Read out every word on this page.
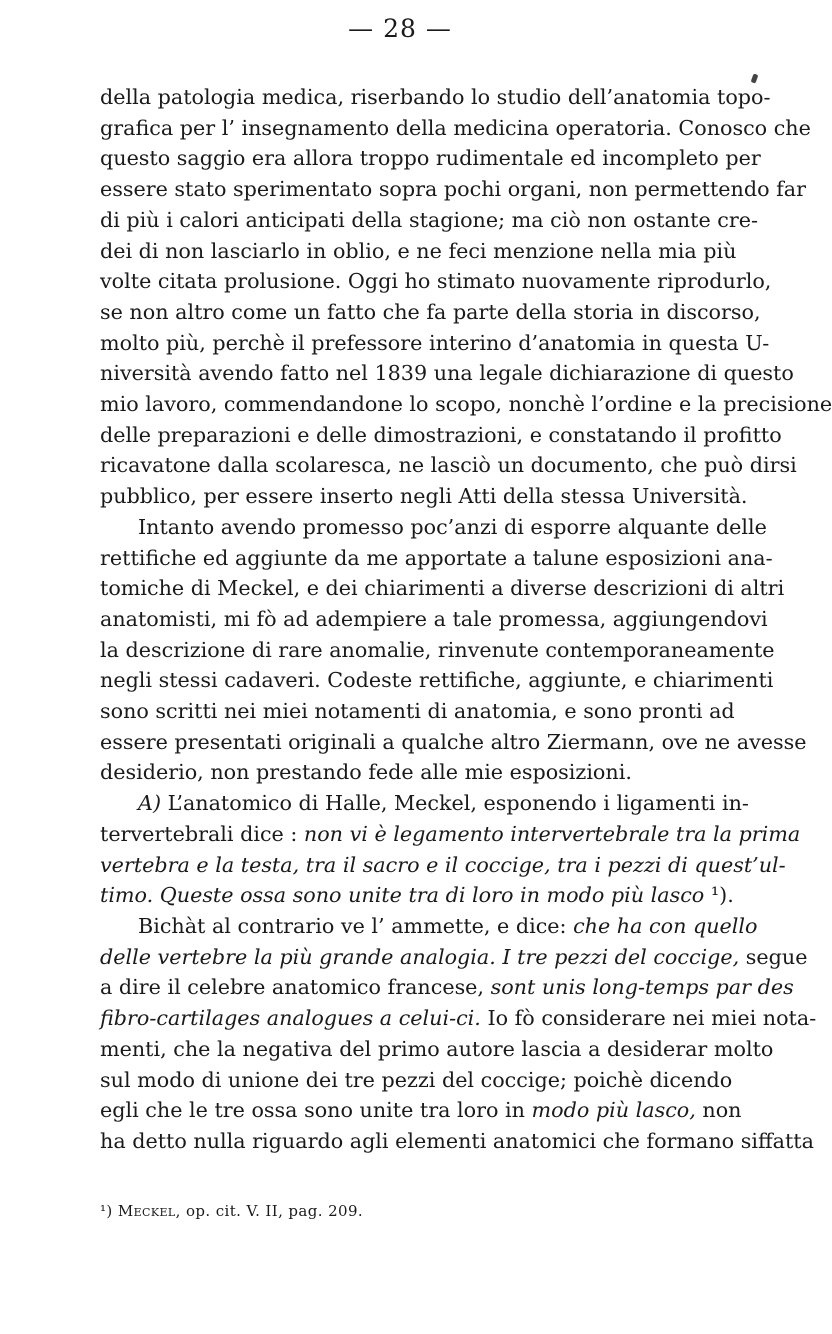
— 28 —
della patologia medica, riserbando lo studio dell’anatomia topo-
grafica per l’ insegnamento della medicina operatoria. Conosco che
questo saggio era allora troppo rudimentale ed incompleto per
essere stato sperimentato sopra pochi organi, non permettendo far
di più i calori anticipati della stagione; ma ciò non ostante cre-
dei di non lasciarlo in oblio, e ne feci menzione nella mia più
volte citata prolusione. Oggi ho stimato nuovamente riprodurlo,
se non altro come un fatto che fa parte della storia in discorso,
molto più, perchè il prefessore interino d’anatomia in questa U-
niversità avendo fatto nel 1839 una legale dichiarazione di questo
mio lavoro, commendandone lo scopo, nonchè l’ordine e la precisione
delle preparazioni e delle dimostrazioni, e constatando il profitto
ricavatone dalla scolaresca, ne lasciò un documento, che può dirsi
pubblico, per essere inserto negli Atti della stessa Università.
Intanto avendo promesso poc’anzi di esporre alquante delle
rettifiche ed aggiunte da me apportate a talune esposizioni ana-
tomiche di Meckel, e dei chiarimenti a diverse descrizioni di altri
anatomisti, mi fò ad adempiere a tale promessa, aggiungendovi
la descrizione di rare anomalie, rinvenute contemporaneamente
negli stessi cadaveri. Codeste rettifiche, aggiunte, e chiarimenti
sono scritti nei miei notamenti di anatomia, e sono pronti ad
essere presentati originali a qualche altro Ziermann, ove ne avesse
desiderio, non prestando fede alle mie esposizioni.
A) L’anatomico di Halle, Meckel, esponendo i ligamenti in-
tervertebrali dice : non vi è legamento intervertebrale tra la prima
vertebra e la testa, tra il sacro e il coccige, tra i pezzi di quest’ul-
timo. Queste ossa sono unite tra di loro in modo più lasco ¹).
Bichàt al contrario ve l’ ammette, e dice: che ha con quello
delle vertebre la più grande analogia. I tre pezzi del coccige, segue
a dire il celebre anatomico francese, sont unis long-temps par des
fibro-cartilages analogues a celui-ci. Io fò considerare nei miei nota-
menti, che la negativa del primo autore lascia a desiderar molto
sul modo di unione dei tre pezzi del coccige; poichè dicendo
egli che le tre ossa sono unite tra loro in modo più lasco, non
ha detto nulla riguardo agli elementi anatomici che formano siffatta
¹) Meckel, op. cit. V. II, pag. 209.
